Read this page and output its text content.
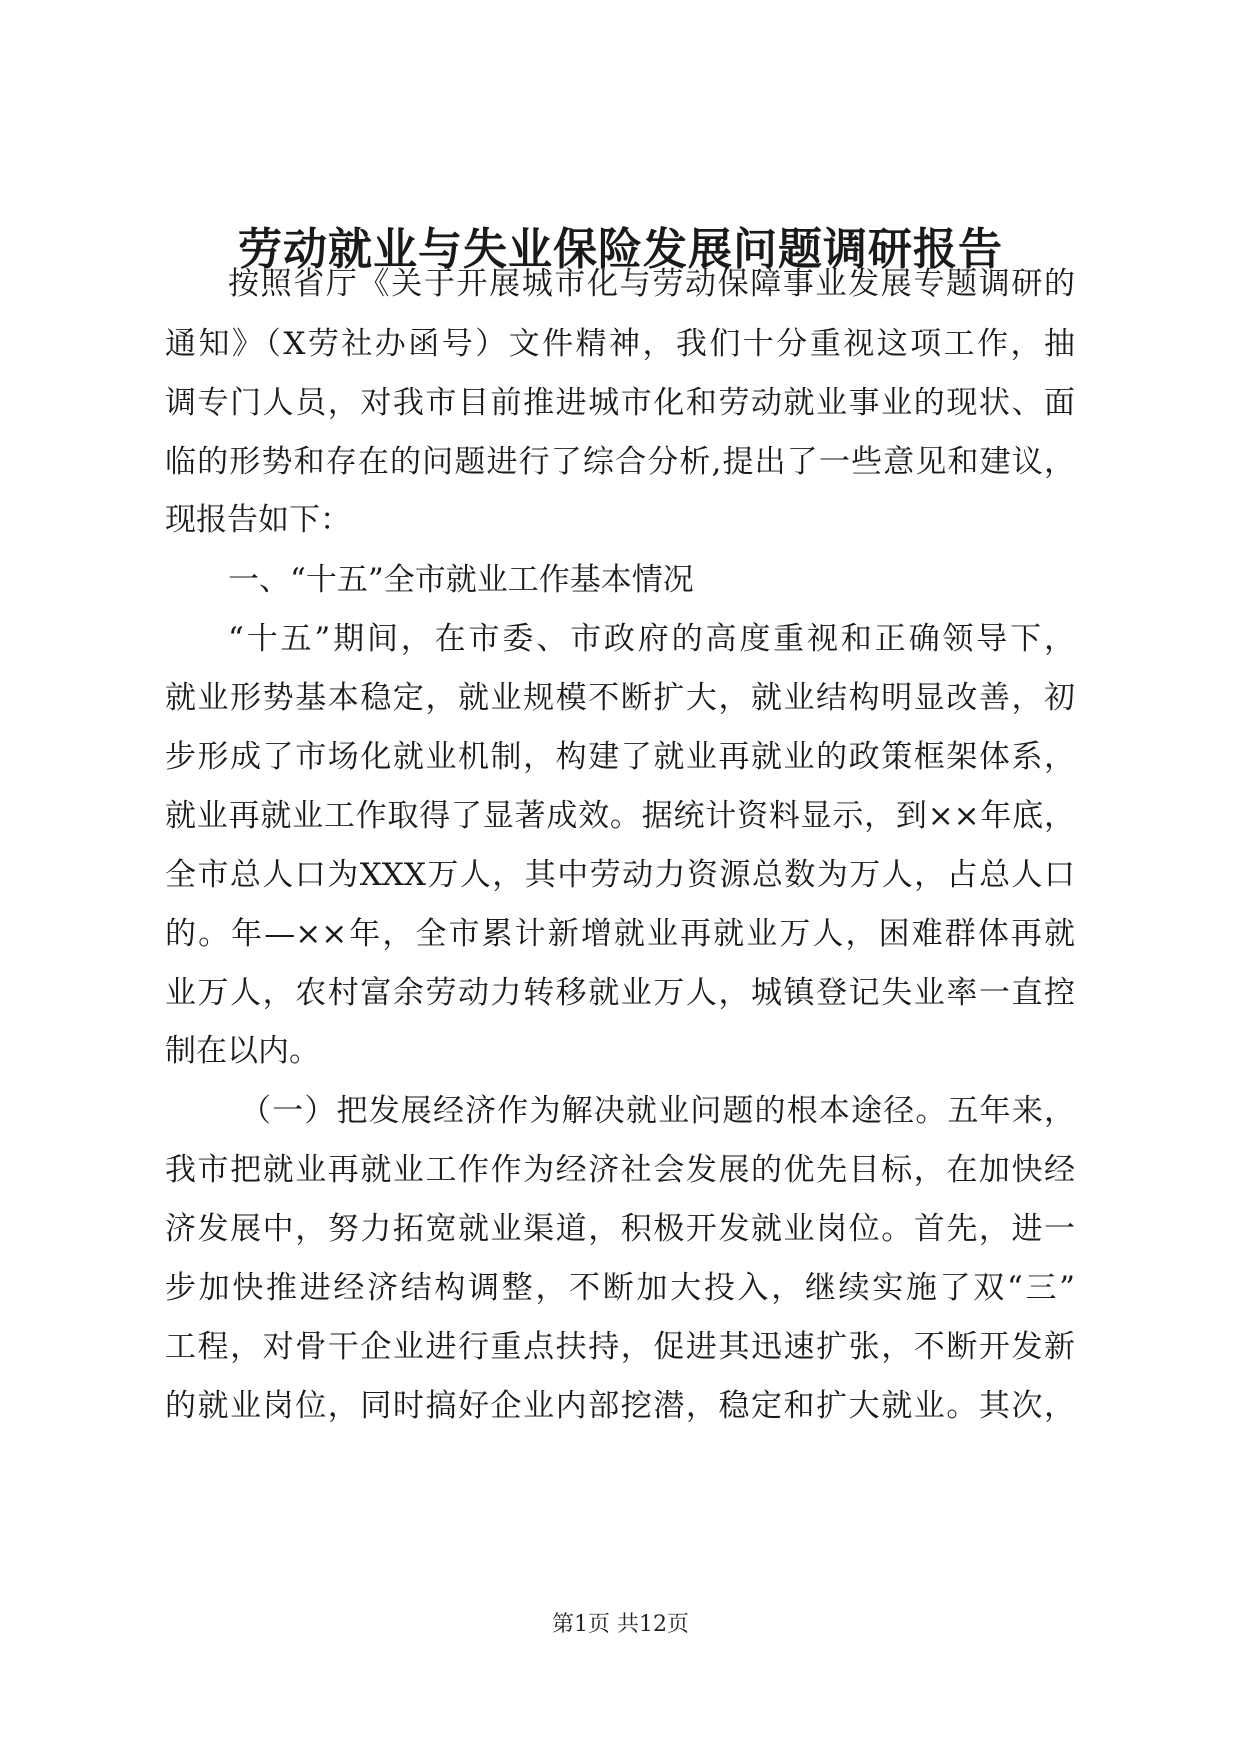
劳动就业与失业保险发展问题调研报告
按照省厅《关于开展城市化与劳动保障事业发展专题调研的
通知》（X劳社办函号）文件精神，我们十分重视这项工作，抽
调专门人员，对我市目前推进城市化和劳动就业事业的现状、面
临的形势和存在的问题进行了综合分析,提出了一些意见和建议，
现报告如下：
一、“十五”全市就业工作基本情况
“十五”期间，在市委、市政府的高度重视和正确领导下，
就业形势基本稳定，就业规模不断扩大，就业结构明显改善，初
步形成了市场化就业机制，构建了就业再就业的政策框架体系，
就业再就业工作取得了显著成效。据统计资料显示，到××年底，
全市总人口为XXX万人，其中劳动力资源总数为万人，占总人口
的。年—××年，全市累计新增就业再就业万人，困难群体再就
业万人，农村富余劳动力转移就业万人，城镇登记失业率一直控
制在以内。
（一）把发展经济作为解决就业问题的根本途径。五年来，
我市把就业再就业工作作为经济社会发展的优先目标，在加快经
济发展中，努力拓宽就业渠道，积极开发就业岗位。首先，进一
步加快推进经济结构调整，不断加大投入，继续实施了双“三”
工程，对骨干企业进行重点扶持，促进其迅速扩张，不断开发新
的就业岗位，同时搞好企业内部挖潜，稳定和扩大就业。其次，
第1页 共12页
